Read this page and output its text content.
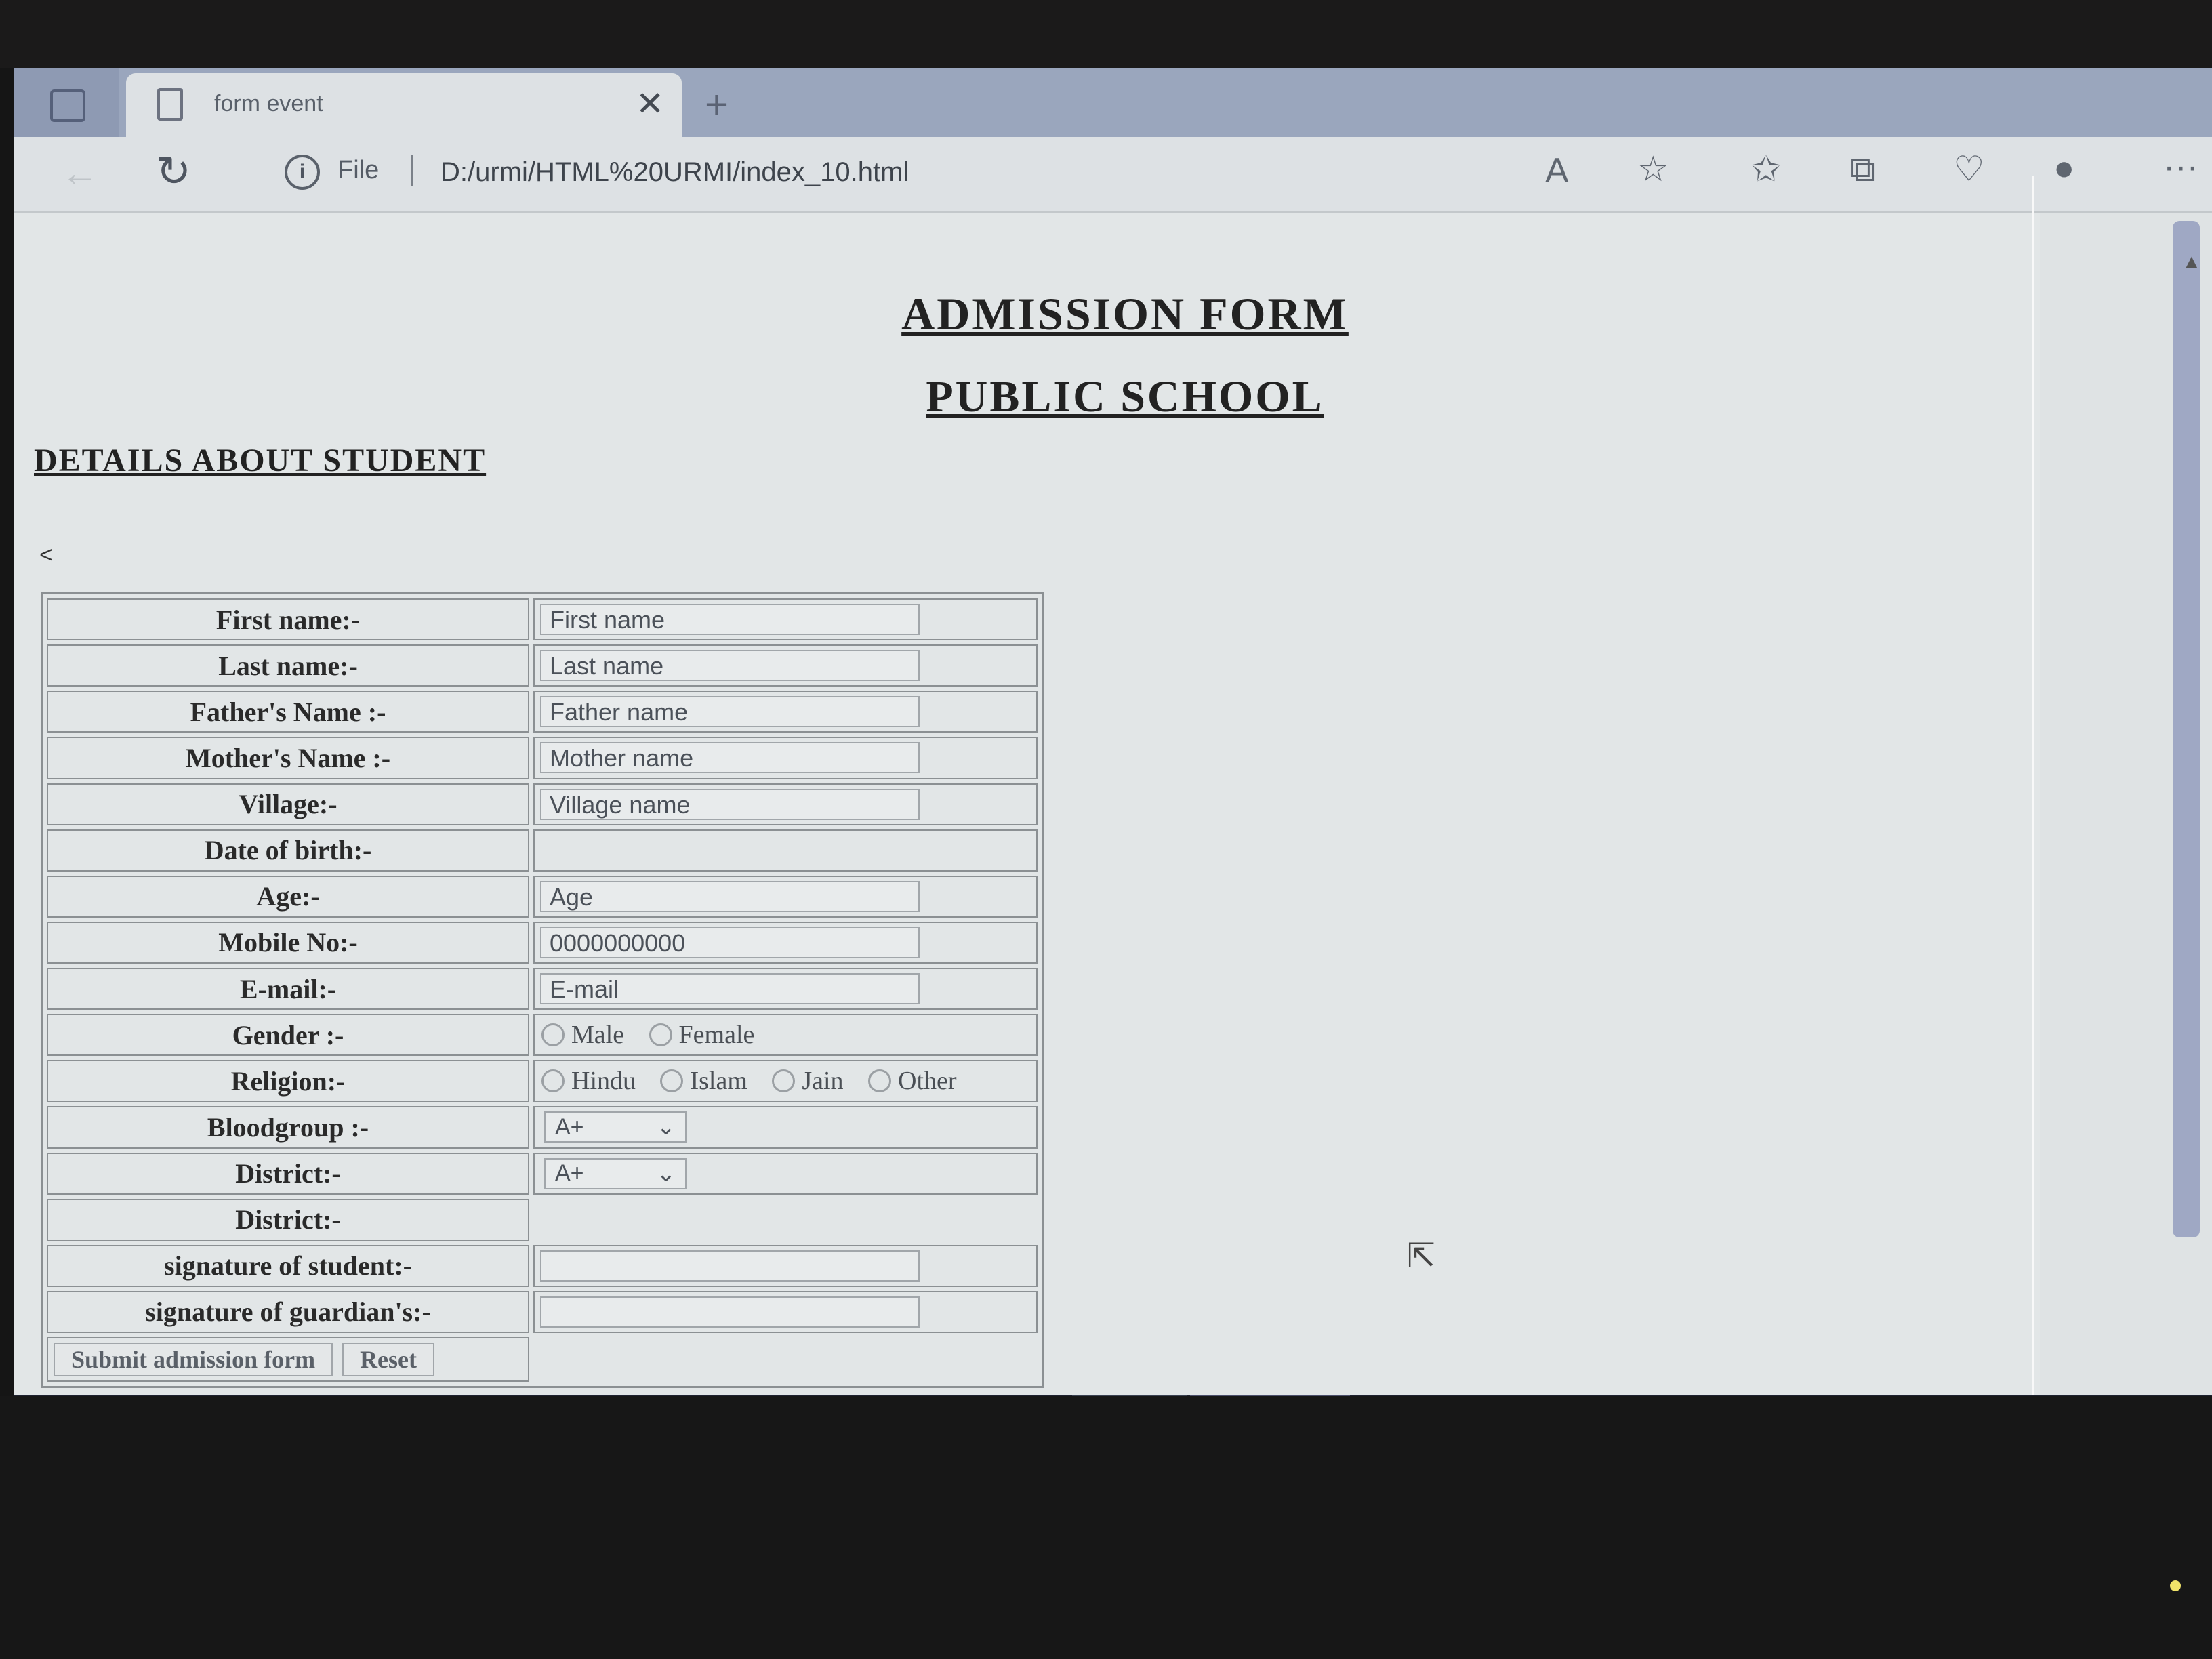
form event	✕ +
← ↻	i	File D:/urmi/HTML%20URMI/index_10.html	A ☆ ✩ ⧉ ♡ ●	···
ADMISSION FORM
PUBLIC SCHOOL
DETAILS ABOUT STUDENT
<
First name:-	First name

Last name:-	Last name

Father's Name :-	Father name

Mother's Name :-	Mother name

Village:-	Village name

Date of birth:-	
Age:-	Age

Mobile No:-	0000000000

E-mail:-	E-mail

Gender :-	Male
Female

Religion:-	Hindu
Islam
Jain
Other

Bloodgroup :-	A+ ⌄

District:-	A+ ⌄

District:-	
signature of student:-	

signature of guardian's:-	

Submit admission form Reset	
⇱
▲
